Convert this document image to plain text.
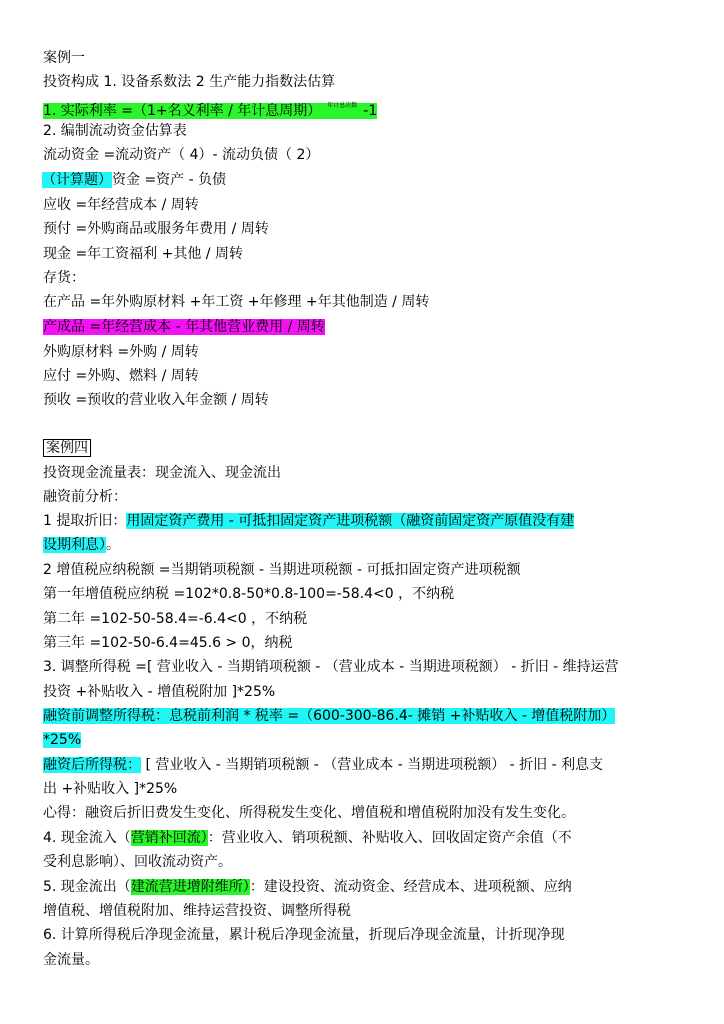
案例一
投资构成 1. 设备系数法 2 生产能力指数法估算
1. 实际利率 =（1+名义利率 / 年计息周期） $^{年计息次数}$ -1
2. 编制流动资金估算表
流动资金 =流动资产（ 4）- 流动负债（ 2）
（计算题）资金 =资产 - 负债
应收 =年经营成本 / 周转
预付 =外购商品或服务年费用 / 周转
现金 =年工资福利 +其他 / 周转
存货：
在产品 =年外购原材料 +年工资 +年修理 +年其他制造 / 周转
产成品 =年经营成本 - 年其他营业费用 / 周转
外购原材料 =外购 / 周转
应付 =外购、燃料 / 周转
预收 =预收的营业收入年金额 / 周转
案例四
投资现金流量表：现金流入、现金流出
融资前分析：
1 提取折旧：用固定资产费用 - 可抵扣固定资产进项税额（融资前固定资产原值没有建
设期利息）。
2 增值税应纳税额 =当期销项税额 - 当期进项税额 - 可抵扣固定资产进项税额
第一年增值税应纳税 =102*0.8-50*0.8-100=-58.4<0 ，不纳税
第二年 =102-50-58.4=-6.4<0 ，不纳税
第三年 =102-50-6.4=45.6 > 0，纳税
3. 调整所得税 =[ 营业收入 - 当期销项税额 - （营业成本 - 当期进项税额） - 折旧 - 维持运营
投资 +补贴收入 - 增值税附加 ]*25%
融资前调整所得税：息税前利润 * 税率 =（600-300-86.4- 摊销 +补贴收入 - 增值税附加）
*25%
融资后所得税： [ 营业收入 - 当期销项税额 - （营业成本 - 当期进项税额） - 折旧 - 利息支
出 +补贴收入 ]*25%
心得：融资后折旧费发生变化、所得税发生变化、增值税和增值税附加没有发生变化。
4. 现金流入（营销补回流）：营业收入、销项税额、补贴收入、回收固定资产余值（不
受利息影响）、回收流动资产。
5. 现金流出（建流营进增附维所）：建设投资、流动资金、经营成本、进项税额、应纳
增值税、增值税附加、维持运营投资、调整所得税
6. 计算所得税后净现金流量，累计税后净现金流量，折现后净现金流量，计折现净现
金流量。
